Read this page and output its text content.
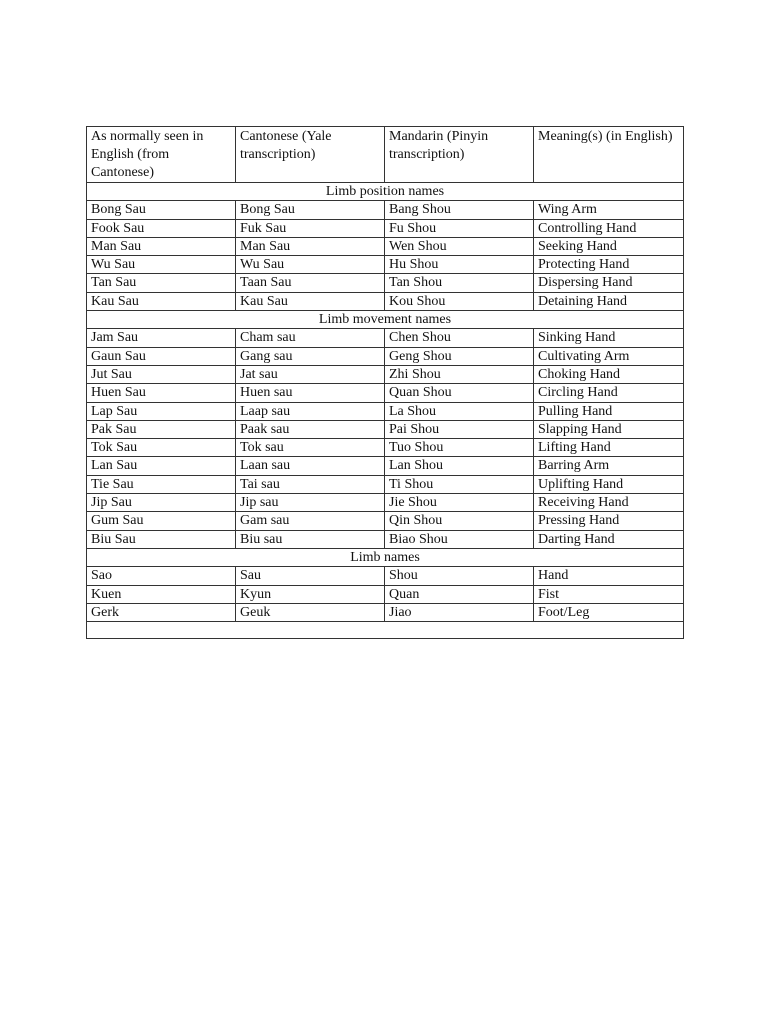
As normally seen in English (from Cantonese)	Cantonese (Yale transcription)	Mandarin (Pinyin transcription)	Meaning(s) (in English)
Limb position names			
Bong Sau	Bong Sau	Bang Shou	Wing Arm
Fook Sau	Fuk Sau	Fu Shou	Controlling Hand
Man Sau	Man Sau	Wen Shou	Seeking Hand
Wu Sau	Wu Sau	Hu Shou	Protecting Hand
Tan Sau	Taan Sau	Tan Shou	Dispersing Hand
Kau Sau	Kau Sau	Kou Shou	Detaining Hand
Limb movement names			
Jam Sau	Cham sau	Chen Shou	Sinking Hand
Gaun Sau	Gang sau	Geng Shou	Cultivating Arm
Jut Sau	Jat sau	Zhi Shou	Choking Hand
Huen Sau	Huen sau	Quan Shou	Circling Hand
Lap Sau	Laap sau	La Shou	Pulling Hand
Pak Sau	Paak sau	Pai Shou	Slapping Hand
Tok Sau	Tok sau	Tuo Shou	Lifting Hand
Lan Sau	Laan sau	Lan Shou	Barring Arm
Tie Sau	Tai sau	Ti Shou	Uplifting Hand
Jip Sau	Jip sau	Jie Shou	Receiving Hand
Gum Sau	Gam sau	Qin Shou	Pressing Hand
Biu Sau	Biu sau	Biao Shou	Darting Hand
Limb names			
Sao	Sau	Shou	Hand
Kuen	Kyun	Quan	Fist
Gerk	Geuk	Jiao	Foot/Leg
